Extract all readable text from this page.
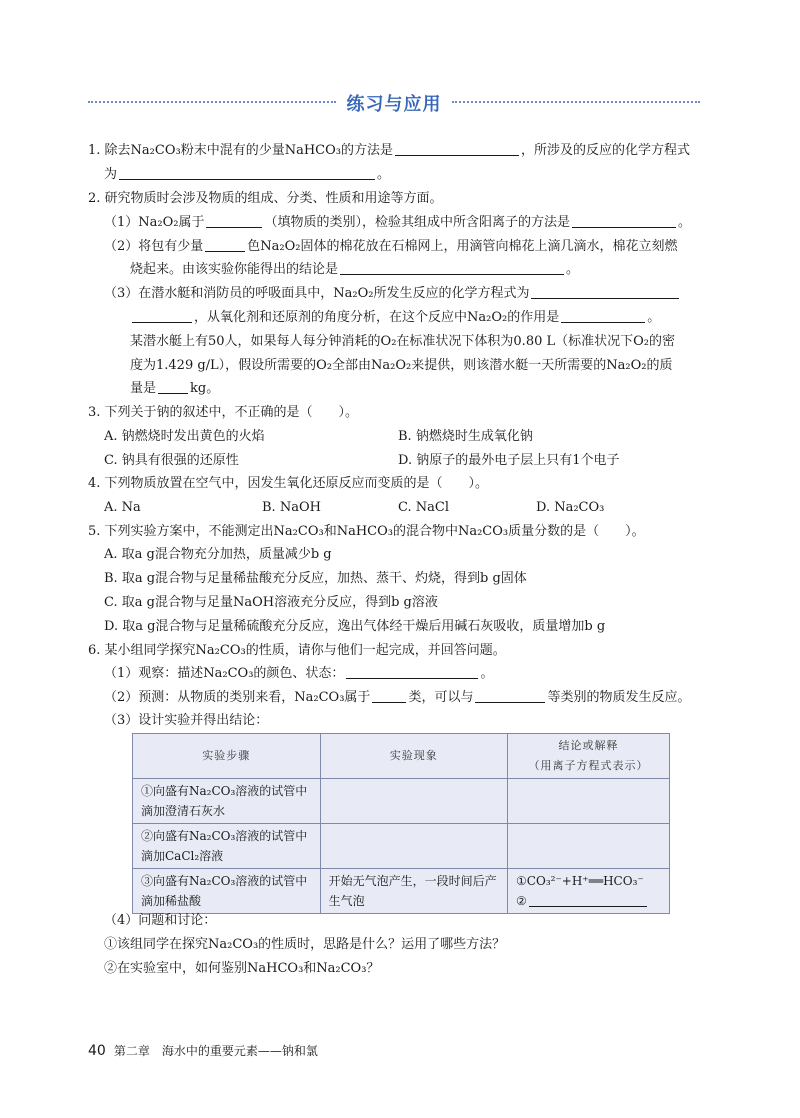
练习与应用
1. 除去Na₂CO₃粉末中混有的少量NaHCO₃的方法是	，所涉及的反应的化学方程式
为	。
2. 研究物质时会涉及物质的组成、分类、性质和用途等方面。
（1）Na₂O₂属于	（填物质的类别），检验其组成中所含阳离子的方法是	。
（2）将包有少量	色Na₂O₂固体的棉花放在石棉网上，用滴管向棉花上滴几滴水，棉花立刻燃
烧起来。由该实验你能得出的结论是	。
（3）在潜水艇和消防员的呼吸面具中，Na₂O₂所发生反应的化学方程式为
，从氧化剂和还原剂的角度分析，在这个反应中Na₂O₂的作用是	。
某潜水艇上有50人，如果每人每分钟消耗的O₂在标准状况下体积为0.80 L（标准状况下O₂的密
度为1.429 g/L），假设所需要的O₂全部由Na₂O₂来提供，则该潜水艇一天所需要的Na₂O₂的质
量是	kg。
3. 下列关于钠的叙述中，不正确的是（　　）。
A. 钠燃烧时发出黄色的火焰	B. 钠燃烧时生成氧化钠
C. 钠具有很强的还原性	D. 钠原子的最外电子层上只有1个电子
4. 下列物质放置在空气中，因发生氧化还原反应而变质的是（　　）。
A. Na	B. NaOH	C. NaCl	D. Na₂CO₃
5. 下列实验方案中，不能测定出Na₂CO₃和NaHCO₃的混合物中Na₂CO₃质量分数的是（　　）。
A. 取a g混合物充分加热，质量减少b g
B. 取a g混合物与足量稀盐酸充分反应，加热、蒸干、灼烧，得到b g固体
C. 取a g混合物与足量NaOH溶液充分反应，得到b g溶液
D. 取a g混合物与足量稀硫酸充分反应，逸出气体经干燥后用碱石灰吸收，质量增加b g
6. 某小组同学探究Na₂CO₃的性质，请你与他们一起完成，并回答问题。
（1）观察：描述Na₂CO₃的颜色、状态：	。
（2）预测：从物质的类别来看，Na₂CO₃属于	类，可以与	等类别的物质发生反应。
（3）设计实验并得出结论：
实验步骤	实验现象	结论或解释
（用离子方程式表示）

①向盛有Na₂CO₃溶液的试管中滴加澄清石灰水		
②向盛有Na₂CO₃溶液的试管中滴加CaCl₂溶液		
③向盛有Na₂CO₃溶液的试管中滴加稀盐酸	开始无气泡产生，一段时间后产生气泡	①CO₃²⁻+H⁺══HCO₃⁻
②
（4）问题和讨论：
①该组同学在探究Na₂CO₃的性质时，思路是什么？运用了哪些方法？
②在实验室中，如何鉴别NaHCO₃和Na₂CO₃？
40 第二章　海水中的重要元素——钠和氯
